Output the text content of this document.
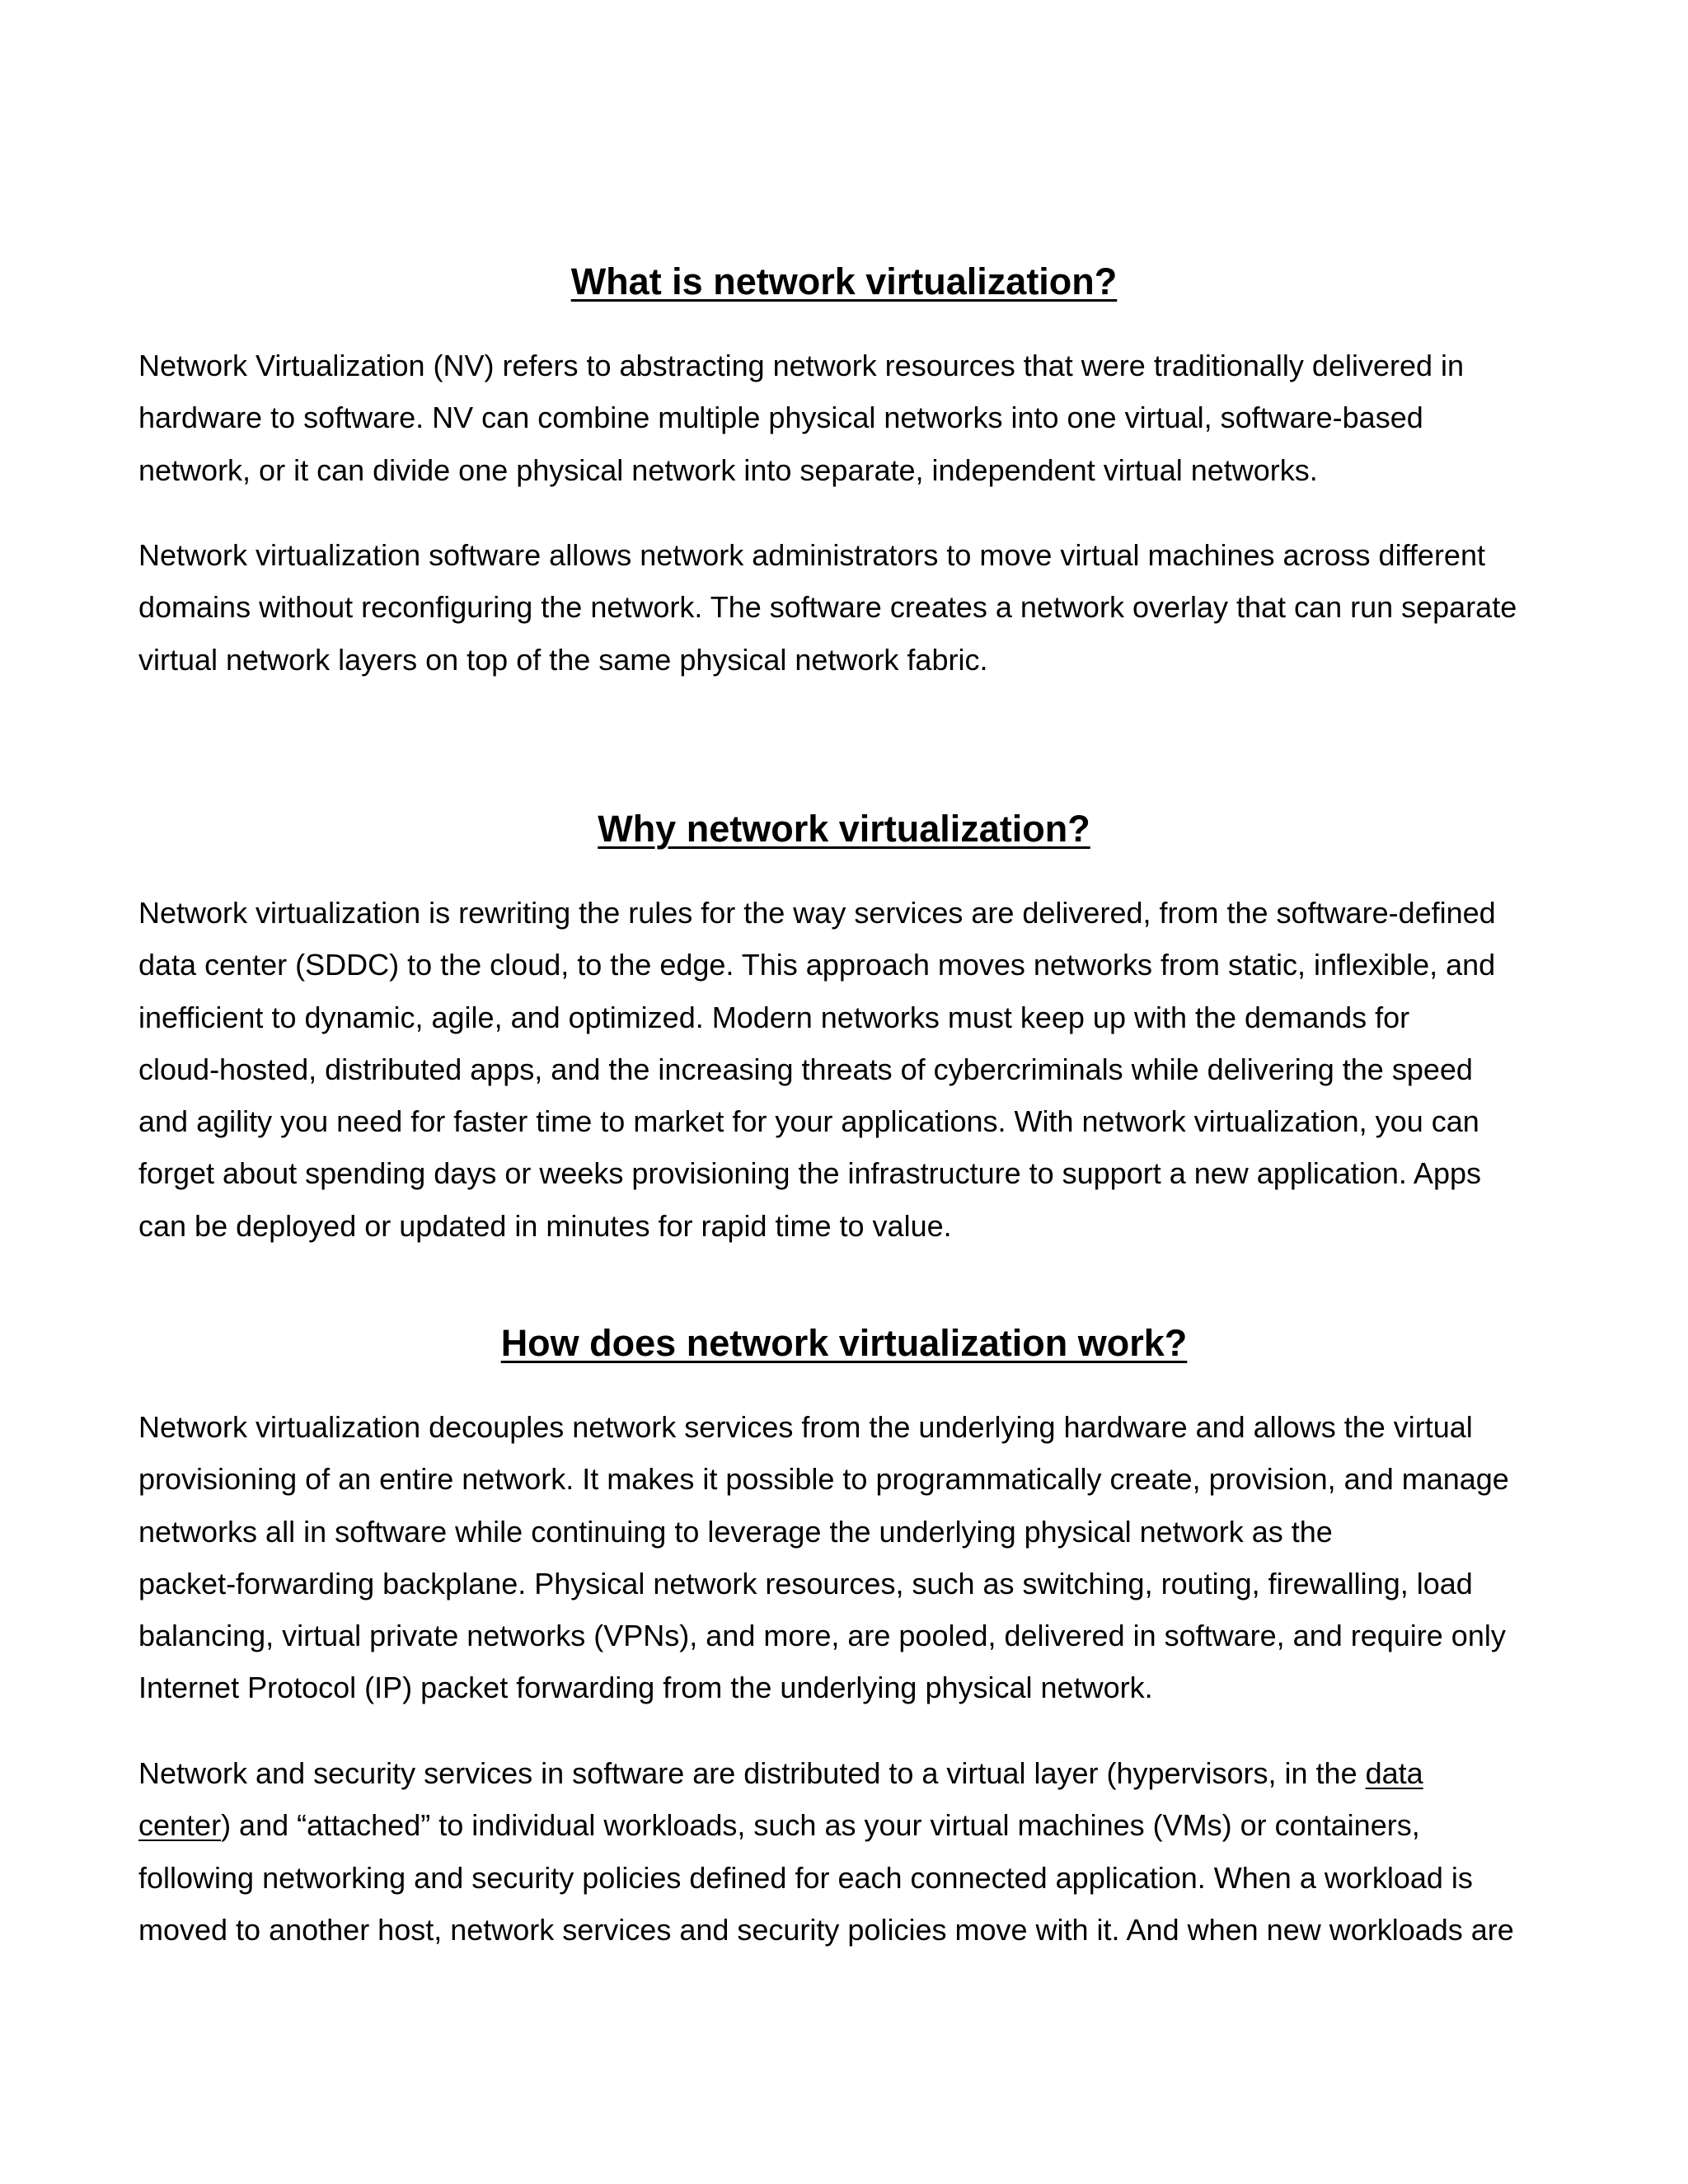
What is network virtualization?

Network Virtualization (NV) refers to abstracting network resources that were traditionally delivered in
hardware to software. NV can combine multiple physical networks into one virtual, software-based
network, or it can divide one physical network into separate, independent virtual networks.

Network virtualization software allows network administrators to move virtual machines across different
domains without reconfiguring the network. The software creates a network overlay that can run separate
virtual network layers on top of the same physical network fabric.

Why network virtualization?

Network virtualization is rewriting the rules for the way services are delivered, from the software-defined
data center (SDDC) to the cloud, to the edge. This approach moves networks from static, inflexible, and
inefficient to dynamic, agile, and optimized. Modern networks must keep up with the demands for
cloud-hosted, distributed apps, and the increasing threats of cybercriminals while delivering the speed
and agility you need for faster time to market for your applications. With network virtualization, you can
forget about spending days or weeks provisioning the infrastructure to support a new application. Apps
can be deployed or updated in minutes for rapid time to value.

How does network virtualization work?

Network virtualization decouples network services from the underlying hardware and allows the virtual
provisioning of an entire network. It makes it possible to programmatically create, provision, and manage
networks all in software while continuing to leverage the underlying physical network as the
packet-forwarding backplane. Physical network resources, such as switching, routing, firewalling, load
balancing, virtual private networks (VPNs), and more, are pooled, delivered in software, and require only
Internet Protocol (IP) packet forwarding from the underlying physical network.

Network and security services in software are distributed to a virtual layer (hypervisors, in the data
center) and “attached” to individual workloads, such as your virtual machines (VMs) or containers,
following networking and security policies defined for each connected application. When a workload is
moved to another host, network services and security policies move with it. And when new workloads are
